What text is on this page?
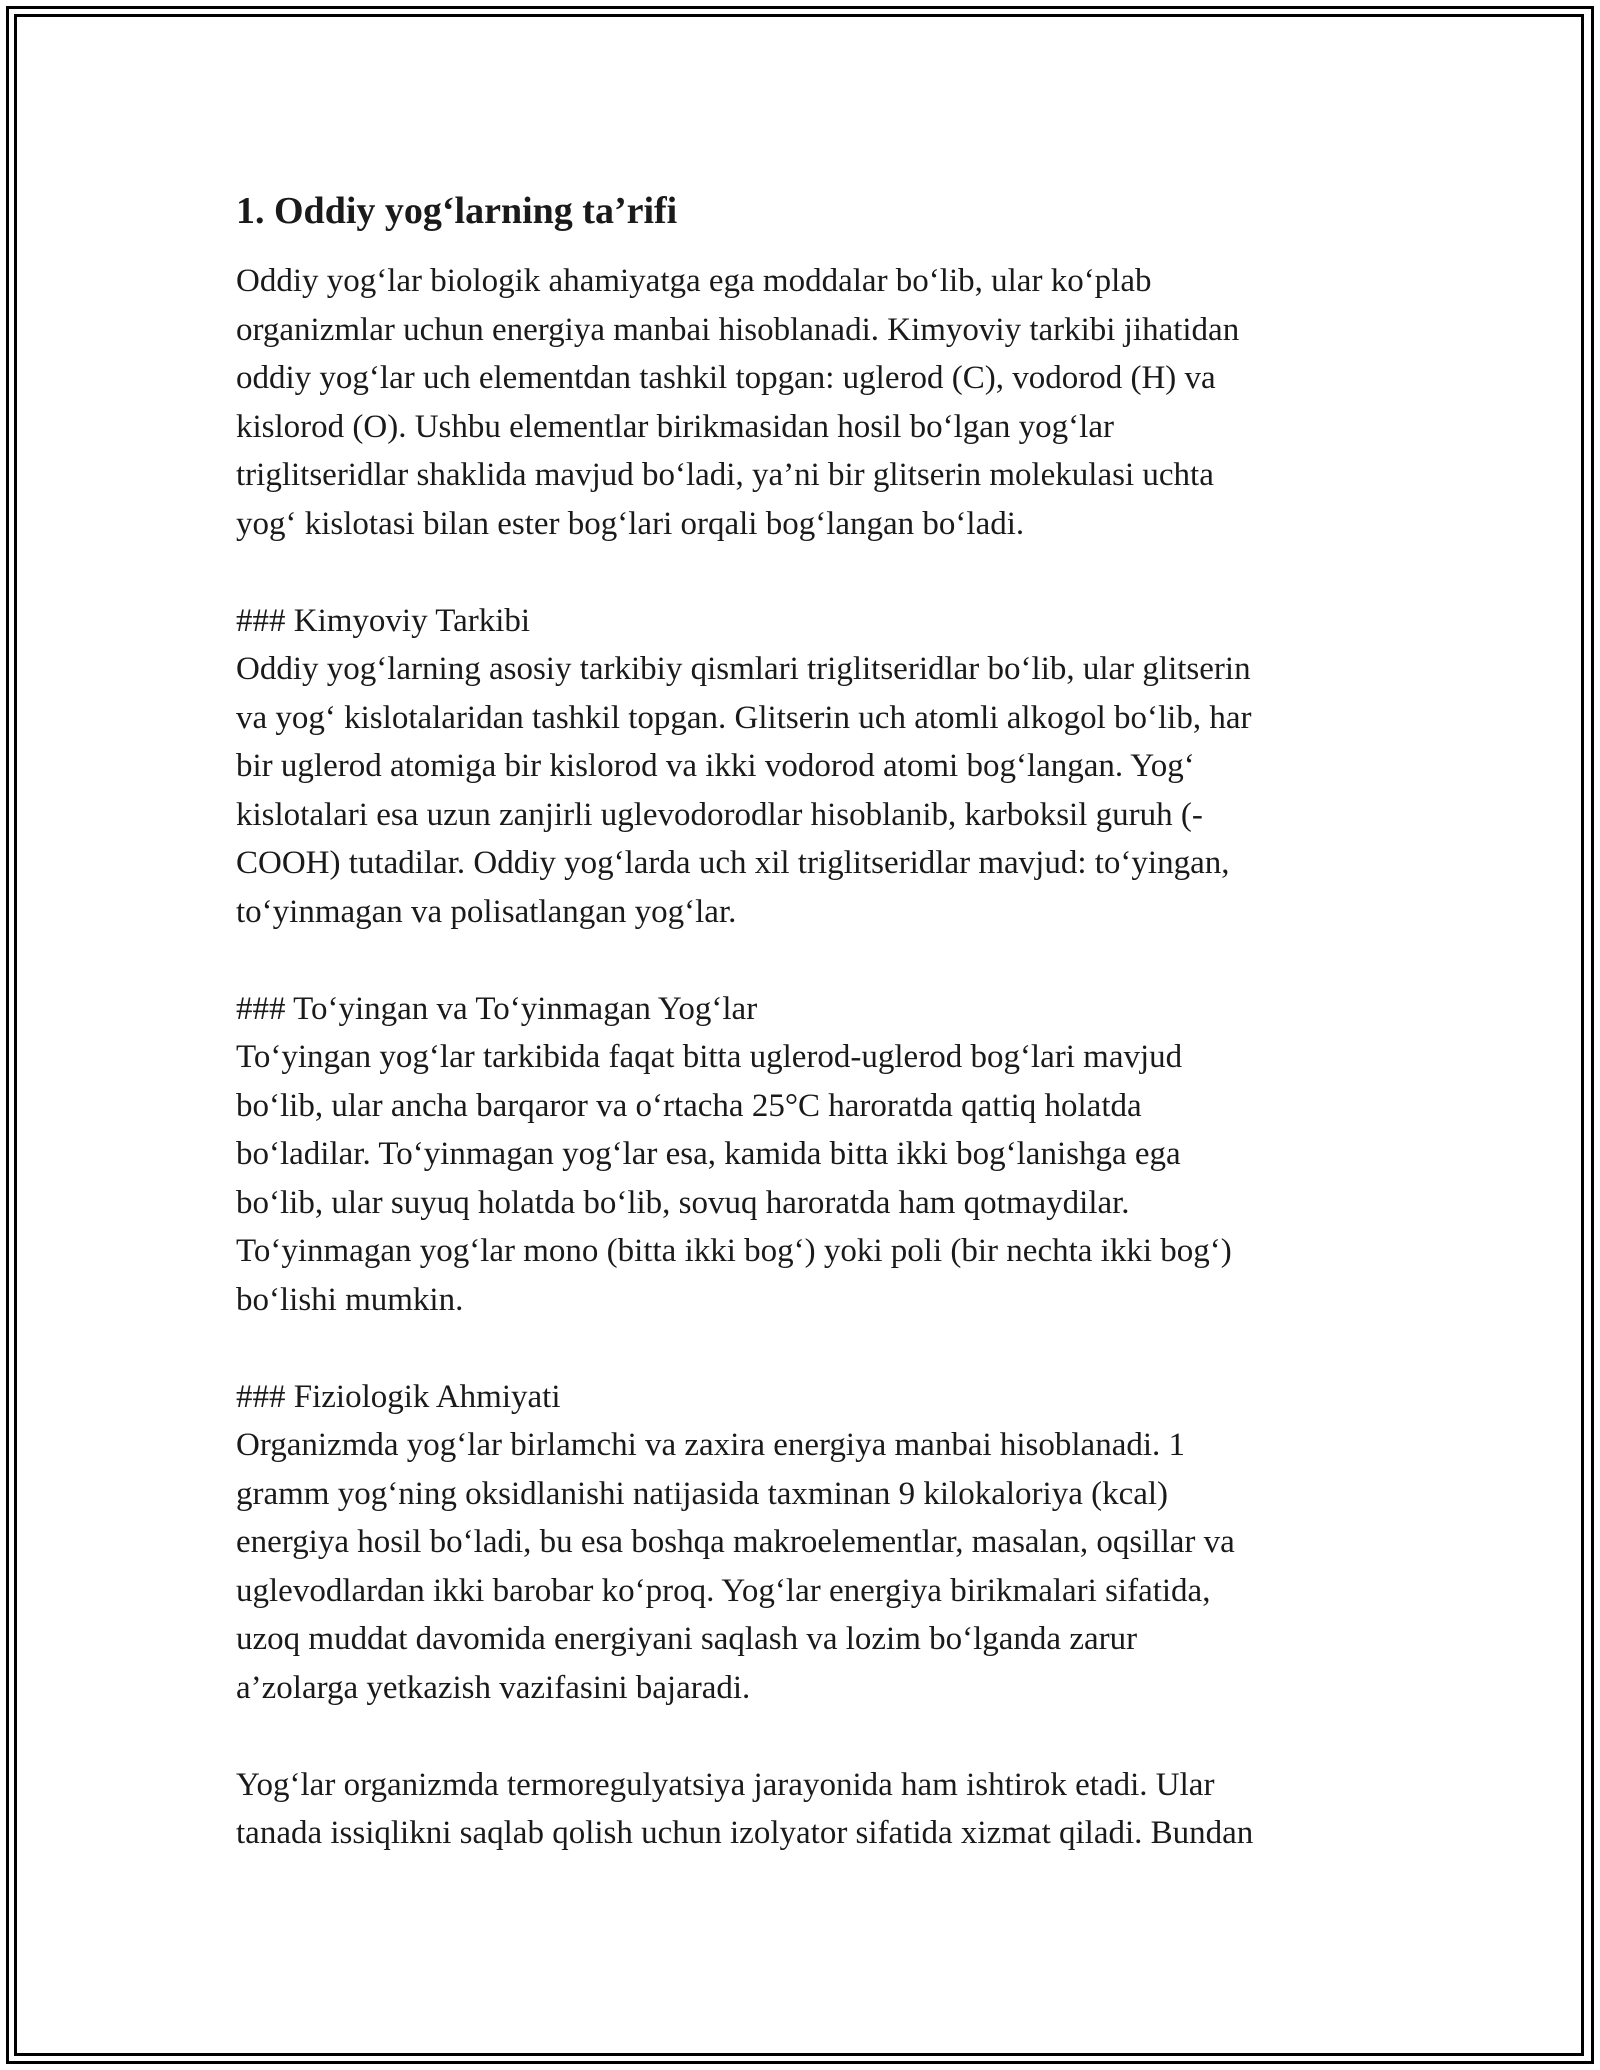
1. Oddiy yog‘larning ta’rifi

Oddiy yog‘lar biologik ahamiyatga ega moddalar bo‘lib, ular ko‘plab
organizmlar uchun energiya manbai hisoblanadi. Kimyoviy tarkibi jihatidan
oddiy yog‘lar uch elementdan tashkil topgan: uglerod (C), vodorod (H) va
kislorod (O). Ushbu elementlar birikmasidan hosil bo‘lgan yog‘lar
triglitseridlar shaklida mavjud bo‘ladi, ya’ni bir glitserin molekulasi uchta
yog‘ kislotasi bilan ester bog‘lari orqali bog‘langan bo‘ladi.

### Kimyoviy Tarkibi
Oddiy yog‘larning asosiy tarkibiy qismlari triglitseridlar bo‘lib, ular glitserin
va yog‘ kislotalaridan tashkil topgan. Glitserin uch atomli alkogol bo‘lib, har
bir uglerod atomiga bir kislorod va ikki vodorod atomi bog‘langan. Yog‘
kislotalari esa uzun zanjirli uglevodorodlar hisoblanib, karboksil guruh (-
COOH) tutadilar. Oddiy yog‘larda uch xil triglitseridlar mavjud: to‘yingan,
to‘yinmagan va polisatlangan yog‘lar.
### To‘yingan va To‘yinmagan Yog‘lar
To‘yingan yog‘lar tarkibida faqat bitta uglerod-uglerod bog‘lari mavjud
bo‘lib, ular ancha barqaror va o‘rtacha 25°C haroratda qattiq holatda
bo‘ladilar. To‘yinmagan yog‘lar esa, kamida bitta ikki bog‘lanishga ega
bo‘lib, ular suyuq holatda bo‘lib, sovuq haroratda ham qotmaydilar.
To‘yinmagan yog‘lar mono (bitta ikki bog‘) yoki poli (bir nechta ikki bog‘)
bo‘lishi mumkin.
### Fiziologik Ahmiyati
Organizmda yog‘lar birlamchi va zaxira energiya manbai hisoblanadi. 1
gramm yog‘ning oksidlanishi natijasida taxminan 9 kilokaloriya (kcal)
energiya hosil bo‘ladi, bu esa boshqa makroelementlar, masalan, oqsillar va
uglevodlardan ikki barobar ko‘proq. Yog‘lar energiya birikmalari sifatida,
uzoq muddat davomida energiyani saqlash va lozim bo‘lganda zarur
a’zolarga yetkazish vazifasini bajaradi.

Yog‘lar organizmda termoregulyatsiya jarayonida ham ishtirok etadi. Ular
tanada issiqlikni saqlab qolish uchun izolyator sifatida xizmat qiladi. Bundan
